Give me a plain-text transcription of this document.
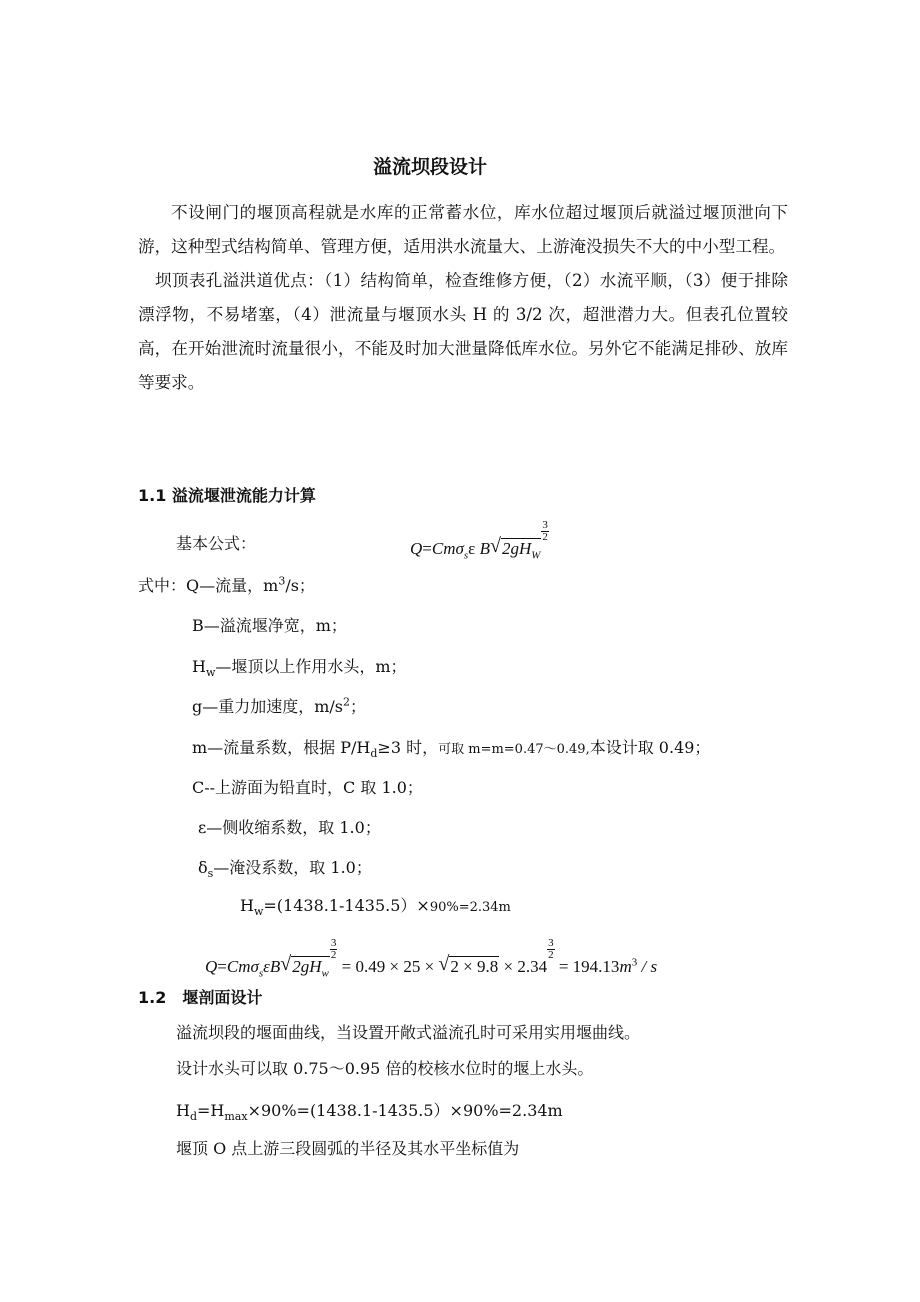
溢流坝段设计

不设闸门的堰顶高程就是水库的正常蓄水位，库水位超过堰顶后就溢过堰顶泄向下游，这种型式结构简单、管理方便，适用洪水流量大、上游淹没损失不大的中小型工程。

坝顶表孔溢洪道优点：（1）结构简单，检查维修方便，（2）水流平顺，（3）便于排除漂浮物，不易堵塞，（4）泄流量与堰顶水头 H 的 3/2 次，超泄潜力大。但表孔位置较高，在开始泄流时流量很小，不能及时加大泄量降低库水位。另外它不能满足排砂、放库等要求。

1.1 溢流堰泄流能力计算
基本公式：	Q=Cmσ$_s$ε B √ $2gH_W$
$\frac{3}{2}$
式中：Q—流量，$m^3/s$；
B—溢流堰净宽，m；
$H_w—$堰顶以上作用水头，m；
g—重力加速度，$m/s^2$；
m—流量系数，根据 $P/H_d\ge 3$ 时，可取 m=m=0.47～0.49,本设计取 0.49；
C--上游面为铅直时，C 取 1.0；
ε—侧收缩系数，取 1.0；
$\delta_s—$淹没系数，取 1.0；
$H_w=(1438.1-1435.5)\times 90\%=2.34m$
Q=Cmσ$_s$εB √ $2gH_w$
$\frac{3}{2}$
= 0.49 × 25 × √ 2 × 9.8 × 2.34
$\frac{3}{2}$
= $194.13m^3$ / s
1.2　堰剖面设计
溢流坝段的堰面曲线，当设置开敞式溢流孔时可采用实用堰曲线。
设计水头可以取 0.75～0.95 倍的校核水位时的堰上水头。
$H_d=H_{max}\times 90\%=(1438.1-1435.5)\times 90\%=2.34m$
堰顶 O 点上游三段圆弧的半径及其水平坐标值为
